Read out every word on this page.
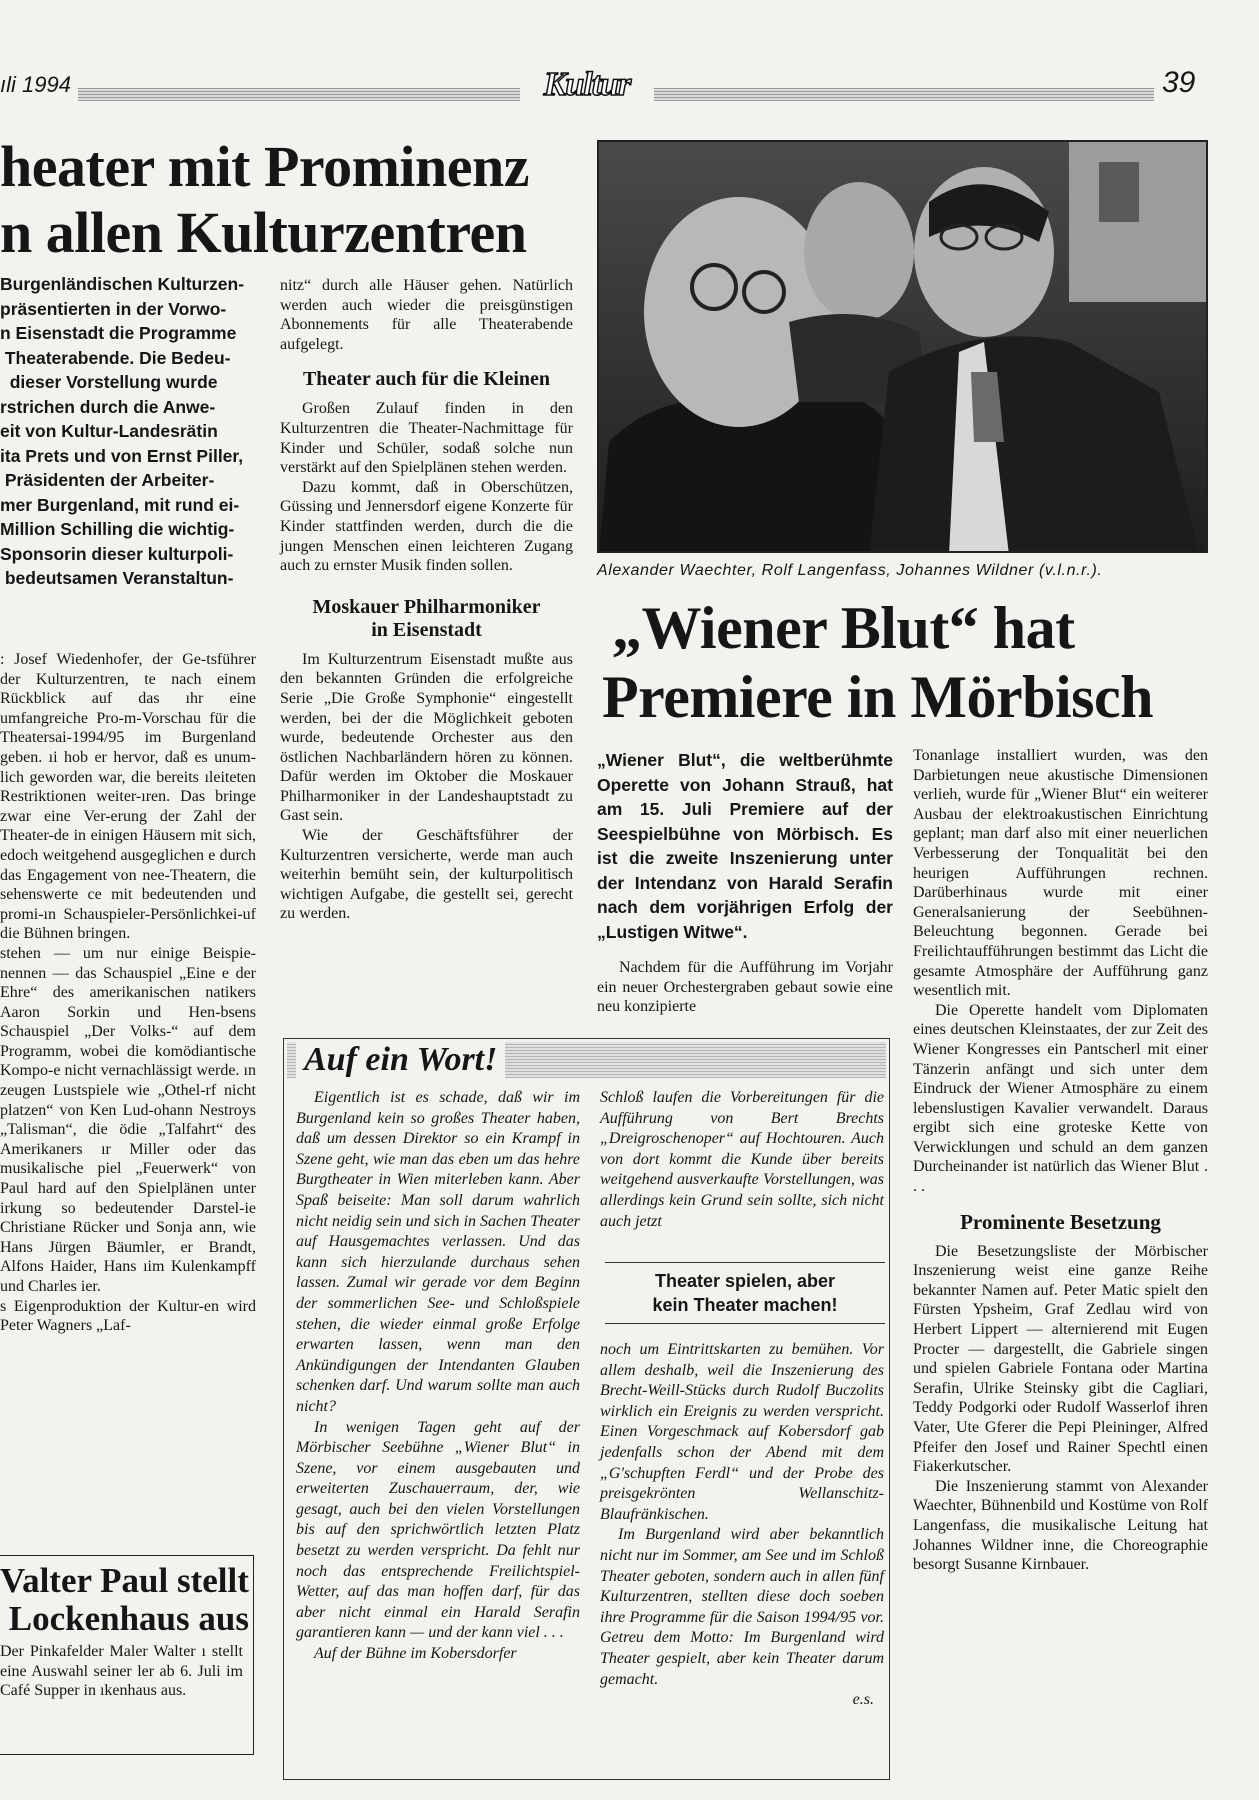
ıli 1994	Kultur	39
heater mit Prominenz
n allen Kulturzentren
Burgenländischen Kulturzen-
präsentierten in der Vorwo-
n Eisenstadt die Programme
Theaterabende. Die Bedeu-
dieser Vorstellung wurde
rstrichen durch die Anwe-
eit von Kultur-Landesrätin
ita Prets und von Ernst Piller,
Präsidenten der Arbeiter-
mer Burgenland, mit rund ei-
Million Schilling die wichtig-
Sponsorin dieser kulturpoli-
bedeutsamen Veranstaltun-

: Josef Wiedenhofer, der Ge-tsführer der Kulturzentren, te nach einem Rückblick auf das ıhr eine umfangreiche Pro-m-Vorschau für die Theatersai-1994/95 im Burgenland geben. ıi hob er hervor, daß es unum-lich geworden war, die bereits ıleiteten Restriktionen weiter-ıren. Das bringe zwar eine Ver-erung der Zahl der Theater-de in einigen Häusern mit sich, edoch weitgehend ausgeglichen e durch das Engagement von nee-Theatern, die sehenswerte ce mit bedeutenden und promi-ın Schauspieler-Persönlichkei-uf die Bühnen bringen.

stehen — um nur einige Beispie-nennen — das Schauspiel „Eine e der Ehre“ des amerikanischen natikers Aaron Sorkin und Hen-bsens Schauspiel „Der Volks-“ auf dem Programm, wobei die komödiantische Kompo-e nicht vernachlässigt werde. ın zeugen Lustspiele wie „Othel-rf nicht platzen“ von Ken Lud-ohann Nestroys „Talisman“, die ödie „Talfahrt“ des Amerikaners ır Miller oder das musikalische piel „Feuerwerk“ von Paul hard auf den Spielplänen unter irkung so bedeutender Darstel-ie Christiane Rücker und Sonja ann, wie Hans Jürgen Bäumler, er Brandt, Alfons Haider, Hans ıim Kulenkampff und Charles ier.

s Eigenproduktion der Kultur-en wird Peter Wagners „Laf-

nitz“ durch alle Häuser gehen. Natürlich werden auch wieder die preisgünstigen Abonnements für alle Theaterabende aufgelegt.

Theater auch für die Kleinen

Großen Zulauf finden in den Kulturzentren die Theater-Nachmittage für Kinder und Schüler, sodaß solche nun verstärkt auf den Spielplänen stehen werden.

Dazu kommt, daß in Oberschützen, Güssing und Jennersdorf eigene Konzerte für Kinder stattfinden werden, durch die die jungen Menschen einen leichteren Zugang auch zu ernster Musik finden sollen.

Moskauer Philharmoniker
in Eisenstadt

Im Kulturzentrum Eisenstadt mußte aus den bekannten Gründen die erfolgreiche Serie „Die Große Symphonie“ eingestellt werden, bei der die Möglichkeit geboten wurde, bedeutende Orchester aus den östlichen Nachbarländern hören zu können. Dafür werden im Oktober die Moskauer Philharmoniker in der Landeshauptstadt zu Gast sein.

Wie der Geschäftsführer der Kulturzentren versicherte, werde man auch weiterhin bemüht sein, der kulturpolitisch wichtigen Aufgabe, die gestellt sei, gerecht zu werden.

Valter Paul stellt
Lockenhaus aus
Der Pinkafelder Maler Walter ı stellt eine Auswahl seiner ler ab 6. Juli im Café Supper in ıkenhaus aus.
Alexander Waechter, Rolf Langenfass, Johannes Wildner (v.l.n.r.).
„Wiener Blut“ hat
Premiere in Mörbisch
„Wiener Blut“, die weltberühmte Operette von Johann Strauß, hat am 15. Juli Premiere auf der Seespielbühne von Mörbisch. Es ist die zweite Inszenierung unter der Intendanz von Harald Serafin nach dem vorjährigen Erfolg der „Lustigen Witwe“.

Nachdem für die Aufführung im Vorjahr ein neuer Orchestergraben gebaut sowie eine neu konzipierte

Tonanlage installiert wurden, was den Darbietungen neue akustische Dimensionen verlieh, wurde für „Wiener Blut“ ein weiterer Ausbau der elektroakustischen Einrichtung geplant; man darf also mit einer neuerlichen Verbesserung der Tonqualität bei den heurigen Aufführungen rechnen. Darüberhinaus wurde mit einer Generalsanierung der Seebühnen-Beleuchtung begonnen. Gerade bei Freilichtaufführungen bestimmt das Licht die gesamte Atmosphäre der Aufführung ganz wesentlich mit.

Die Operette handelt vom Diplomaten eines deutschen Kleinstaates, der zur Zeit des Wiener Kongresses ein Pantscherl mit einer Tänzerin anfängt und sich unter dem Eindruck der Wiener Atmosphäre zu einem lebenslustigen Kavalier verwandelt. Daraus ergibt sich eine groteske Kette von Verwicklungen und schuld an dem ganzen Durcheinander ist natürlich das Wiener Blut . . .

Prominente Besetzung

Die Besetzungsliste der Mörbischer Inszenierung weist eine ganze Reihe bekannter Namen auf. Peter Matic spielt den Fürsten Ypsheim, Graf Zedlau wird von Herbert Lippert — alternierend mit Eugen Procter — dargestellt, die Gabriele singen und spielen Gabriele Fontana oder Martina Serafin, Ulrike Steinsky gibt die Cagliari, Teddy Podgorki oder Rudolf Wasserlof ihren Vater, Ute Gferer die Pepi Pleininger, Alfred Pfeifer den Josef und Rainer Spechtl einen Fiakerkutscher.

Die Inszenierung stammt von Alexander Waechter, Bühnenbild und Kostüme von Rolf Langenfass, die musikalische Leitung hat Johannes Wildner inne, die Choreographie besorgt Susanne Kirnbauer.

Auf ein Wort!

Eigentlich ist es schade, daß wir im Burgenland kein so großes Theater haben, daß um dessen Direktor so ein Krampf in Szene geht, wie man das eben um das hehre Burgtheater in Wien miterleben kann. Aber Spaß beiseite: Man soll darum wahrlich nicht neidig sein und sich in Sachen Theater auf Hausgemachtes verlassen. Und das kann sich hierzulande durchaus sehen lassen. Zumal wir gerade vor dem Beginn der sommerlichen See- und Schloßspiele stehen, die wieder einmal große Erfolge erwarten lassen, wenn man den Ankündigungen der Intendanten Glauben schenken darf. Und warum sollte man auch nicht?

In wenigen Tagen geht auf der Mörbischer Seebühne „Wiener Blut“ in Szene, vor einem ausgebauten und erweiterten Zuschauerraum, der, wie gesagt, auch bei den vielen Vorstellungen bis auf den sprichwörtlich letzten Platz besetzt zu werden verspricht. Da fehlt nur noch das entsprechende Freilichtspiel-Wetter, auf das man hoffen darf, für das aber nicht einmal ein Harald Serafin garantieren kann — und der kann viel . . .

Auf der Bühne im Kobersdorfer

Schloß laufen die Vorbereitungen für die Aufführung von Bert Brechts „Dreigroschenoper“ auf Hochtouren. Auch von dort kommt die Kunde über bereits weitgehend ausverkaufte Vorstellungen, was allerdings kein Grund sein sollte, sich nicht auch jetzt

Theater spielen, aber
kein Theater machen!

noch um Eintrittskarten zu bemühen. Vor allem deshalb, weil die Inszenierung des Brecht-Weill-Stücks durch Rudolf Buczolits wirklich ein Ereignis zu werden verspricht. Einen Vorgeschmack auf Kobersdorf gab jedenfalls schon der Abend mit dem „G'schupften Ferdl“ und der Probe des preisgekrönten Wellanschitz-Blaufränkischen.

Im Burgenland wird aber bekanntlich nicht nur im Sommer, am See und im Schloß Theater geboten, sondern auch in allen fünf Kulturzentren, stellten diese doch soeben ihre Programme für die Saison 1994/95 vor. Getreu dem Motto: Im Burgenland wird Theater gespielt, aber kein Theater darum gemacht.

e.s.
